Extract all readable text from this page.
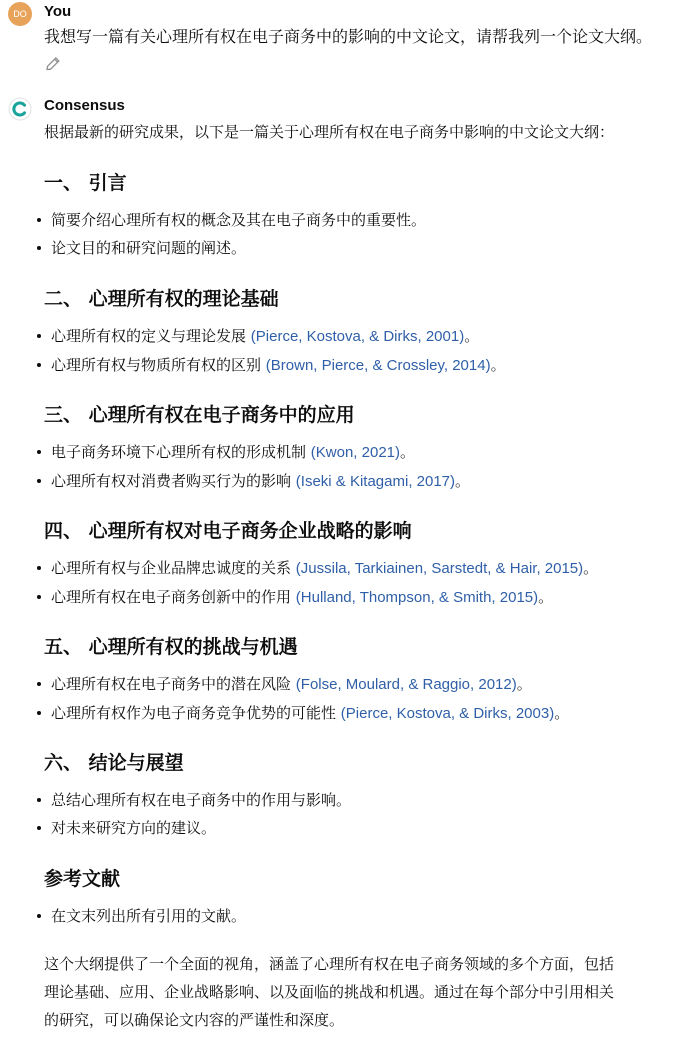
DO	You
我想写一篇有关心理所有权在电子商务中的影响的中文论文，请帮我列一个论文大纲。
Consensus
根据最新的研究成果，以下是一篇关于心理所有权在电子商务中影响的中文论文大纲：
一、 引言
简要介绍心理所有权的概念及其在电子商务中的重要性。
论文目的和研究问题的阐述。
二、 心理所有权的理论基础
心理所有权的定义与理论发展 (Pierce, Kostova, & Dirks, 2001)。
心理所有权与物质所有权的区别 (Brown, Pierce, & Crossley, 2014)。
三、 心理所有权在电子商务中的应用
电子商务环境下心理所有权的形成机制 (Kwon, 2021)。
心理所有权对消费者购买行为的影响 (Iseki & Kitagami, 2017)。
四、 心理所有权对电子商务企业战略的影响
心理所有权与企业品牌忠诚度的关系 (Jussila, Tarkiainen, Sarstedt, & Hair, 2015)。
心理所有权在电子商务创新中的作用 (Hulland, Thompson, & Smith, 2015)。
五、 心理所有权的挑战与机遇
心理所有权在电子商务中的潜在风险 (Folse, Moulard, & Raggio, 2012)。
心理所有权作为电子商务竞争优势的可能性 (Pierce, Kostova, & Dirks, 2003)。
六、 结论与展望
总结心理所有权在电子商务中的作用与影响。
对未来研究方向的建议。
参考文献
在文末列出所有引用的文献。
这个大纲提供了一个全面的视角，涵盖了心理所有权在电子商务领域的多个方面，包括
理论基础、应用、企业战略影响、以及面临的挑战和机遇。通过在每个部分中引用相关
的研究，可以确保论文内容的严谨性和深度。
